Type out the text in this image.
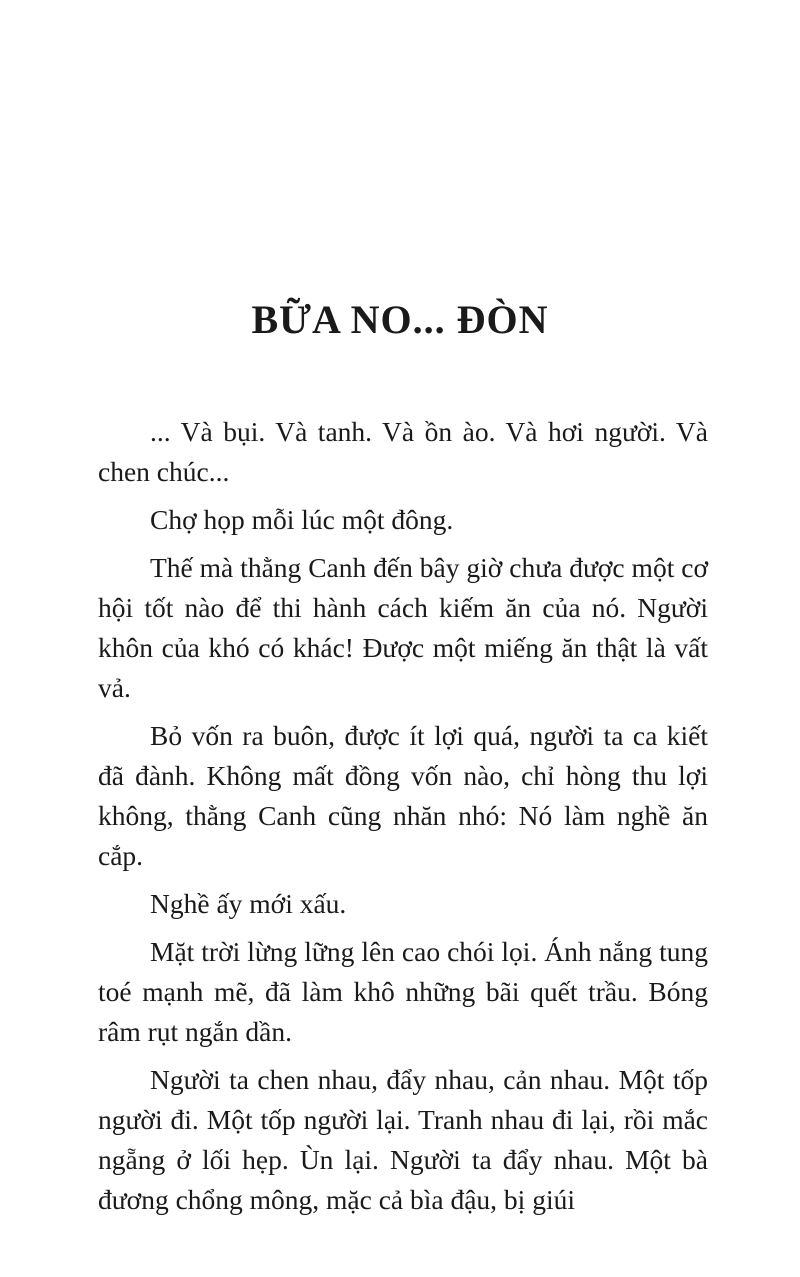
BỮA NO... ĐÒN

... Và bụi. Và tanh. Và ồn ào. Và hơi người. Và chen chúc...

Chợ họp mỗi lúc một đông.

Thế mà thằng Canh đến bây giờ chưa được một cơ hội tốt nào để thi hành cách kiếm ăn của nó. Người khôn của khó có khác! Được một miếng ăn thật là vất vả.

Bỏ vốn ra buôn, được ít lợi quá, người ta ca kiết đã đành. Không mất đồng vốn nào, chỉ hòng thu lợi không, thằng Canh cũng nhăn nhó: Nó làm nghề ăn cắp.

Nghề ấy mới xấu.

Mặt trời lừng lững lên cao chói lọi. Ánh nắng tung toé mạnh mẽ, đã làm khô những bãi quết trầu. Bóng râm rụt ngắn dần.

Người ta chen nhau, đẩy nhau, cản nhau. Một tốp người đi. Một tốp người lại. Tranh nhau đi lại, rồi mắc ngẵng ở lối hẹp. Ùn lại. Người ta đẩy nhau. Một bà đương chổng mông, mặc cả bìa đậu, bị giúi
